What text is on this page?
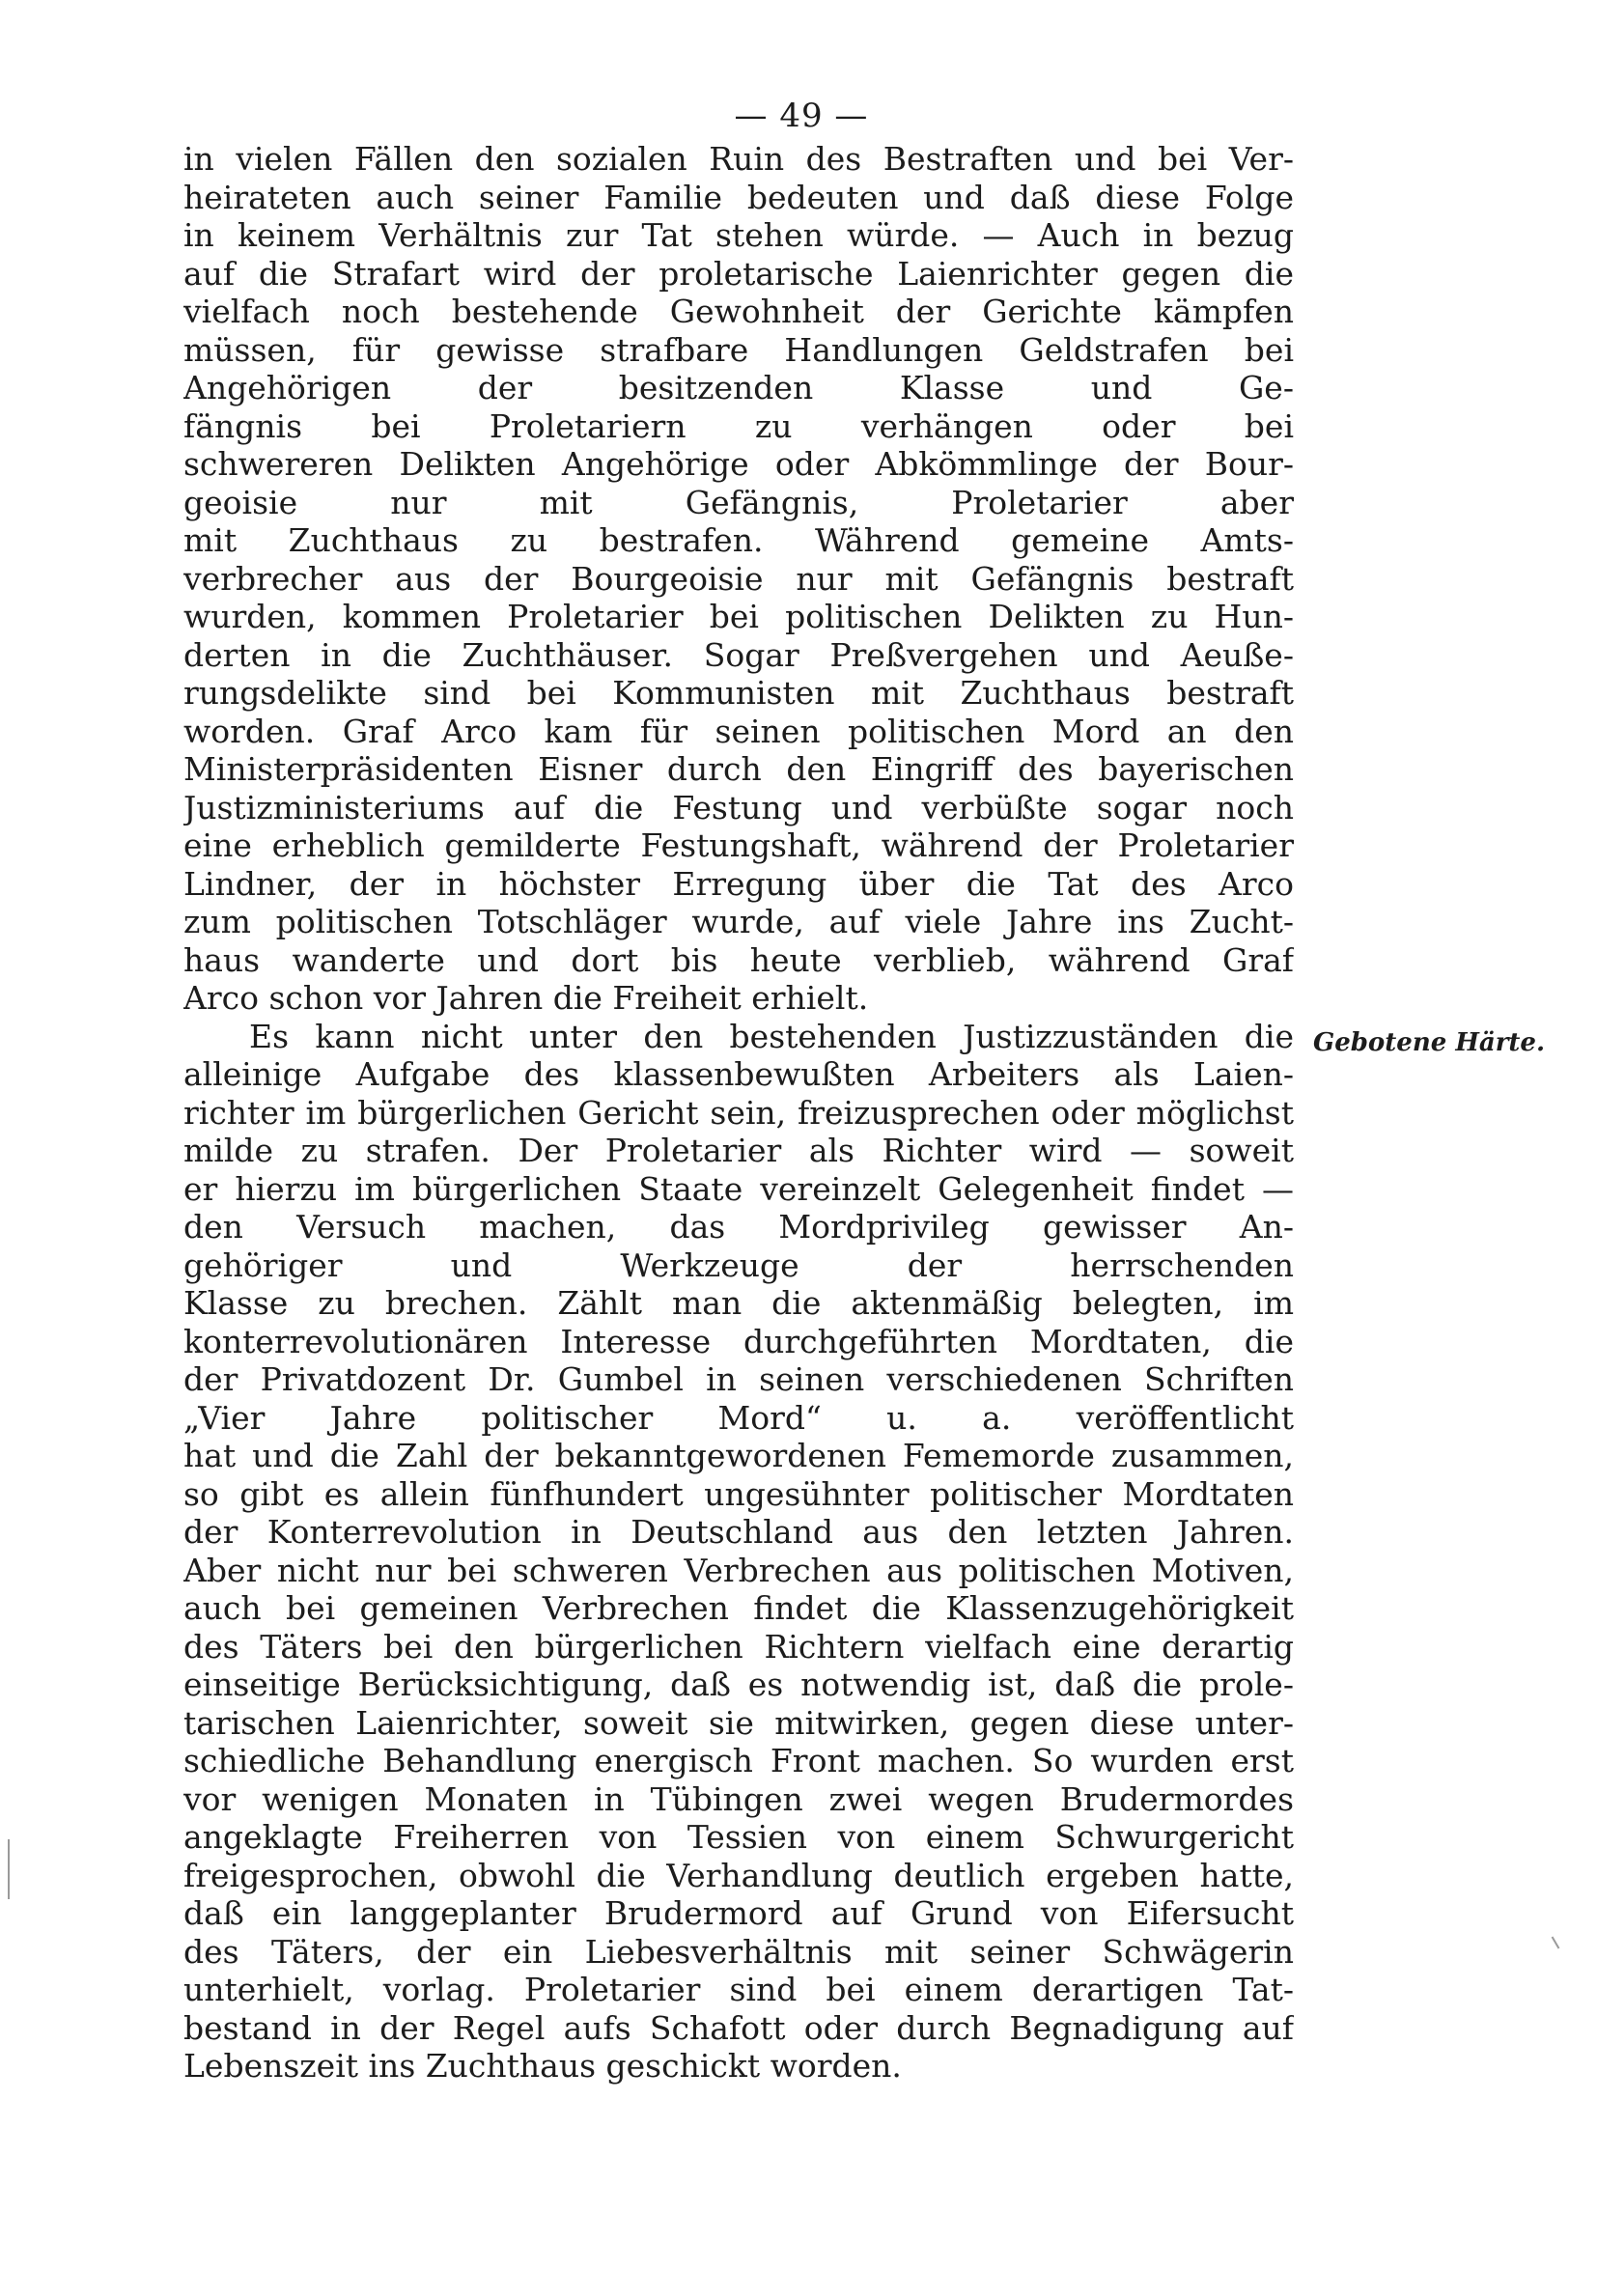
— 49 —
in vielen Fällen den sozialen Ruin des Bestraften und bei Ver-
heirateten auch seiner Familie bedeuten und daß diese Folge
in keinem Verhältnis zur Tat stehen würde. — Auch in bezug
auf die Strafart wird der proletarische Laienrichter gegen die
vielfach noch bestehende Gewohnheit der Gerichte kämpfen
müssen, für gewisse strafbare Handlungen Geldstrafen bei
Angehörigen der besitzenden Klasse und Ge-
fängnis bei Proletariern zu verhängen oder bei
schwereren Delikten Angehörige oder Abkömmlinge der Bour-
geoisie nur mit Gefängnis, Proletarier aber
mit Zuchthaus zu bestrafen. Während gemeine Amts-
verbrecher aus der Bourgeoisie nur mit Gefängnis bestraft
wurden, kommen Proletarier bei politischen Delikten zu Hun-
derten in die Zuchthäuser. Sogar Preßvergehen und Aeuße-
rungsdelikte sind bei Kommunisten mit Zuchthaus bestraft
worden. Graf Arco kam für seinen politischen Mord an den
Ministerpräsidenten Eisner durch den Eingriff des bayerischen
Justizministeriums auf die Festung und verbüßte sogar noch
eine erheblich gemilderte Festungshaft, während der Proletarier
Lindner, der in höchster Erregung über die Tat des Arco
zum politischen Totschläger wurde, auf viele Jahre ins Zucht-
haus wanderte und dort bis heute verblieb, während Graf
Arco schon vor Jahren die Freiheit erhielt.
Es kann nicht unter den bestehenden Justizzuständen die
alleinige Aufgabe des klassenbewußten Arbeiters als Laien-
richter im bürgerlichen Gericht sein, freizusprechen oder möglichst
milde zu strafen. Der Proletarier als Richter wird — soweit
er hierzu im bürgerlichen Staate vereinzelt Gelegenheit findet —
den Versuch machen, das Mordprivileg gewisser An-
gehöriger und Werkzeuge der herrschenden
Klasse zu brechen. Zählt man die aktenmäßig belegten, im
konterrevolutionären Interesse durchgeführten Mordtaten, die
der Privatdozent Dr. Gumbel in seinen verschiedenen Schriften
„Vier Jahre politischer Mord“ u. a. veröffentlicht
hat und die Zahl der bekanntgewordenen Fememorde zusammen,
so gibt es allein fünfhundert ungesühnter politischer Mordtaten
der Konterrevolution in Deutschland aus den letzten Jahren.
Aber nicht nur bei schweren Verbrechen aus politischen Motiven,
auch bei gemeinen Verbrechen findet die Klassenzugehörigkeit
des Täters bei den bürgerlichen Richtern vielfach eine derartig
einseitige Berücksichtigung, daß es notwendig ist, daß die prole-
tarischen Laienrichter, soweit sie mitwirken, gegen diese unter-
schiedliche Behandlung energisch Front machen. So wurden erst
vor wenigen Monaten in Tübingen zwei wegen Brudermordes
angeklagte Freiherren von Tessien von einem Schwurgericht
freigesprochen, obwohl die Verhandlung deutlich ergeben hatte,
daß ein langgeplanter Brudermord auf Grund von Eifersucht
des Täters, der ein Liebesverhältnis mit seiner Schwägerin
unterhielt, vorlag. Proletarier sind bei einem derartigen Tat-
bestand in der Regel aufs Schafott oder durch Begnadigung auf
Lebenszeit ins Zuchthaus geschickt worden.
Gebotene Härte.
